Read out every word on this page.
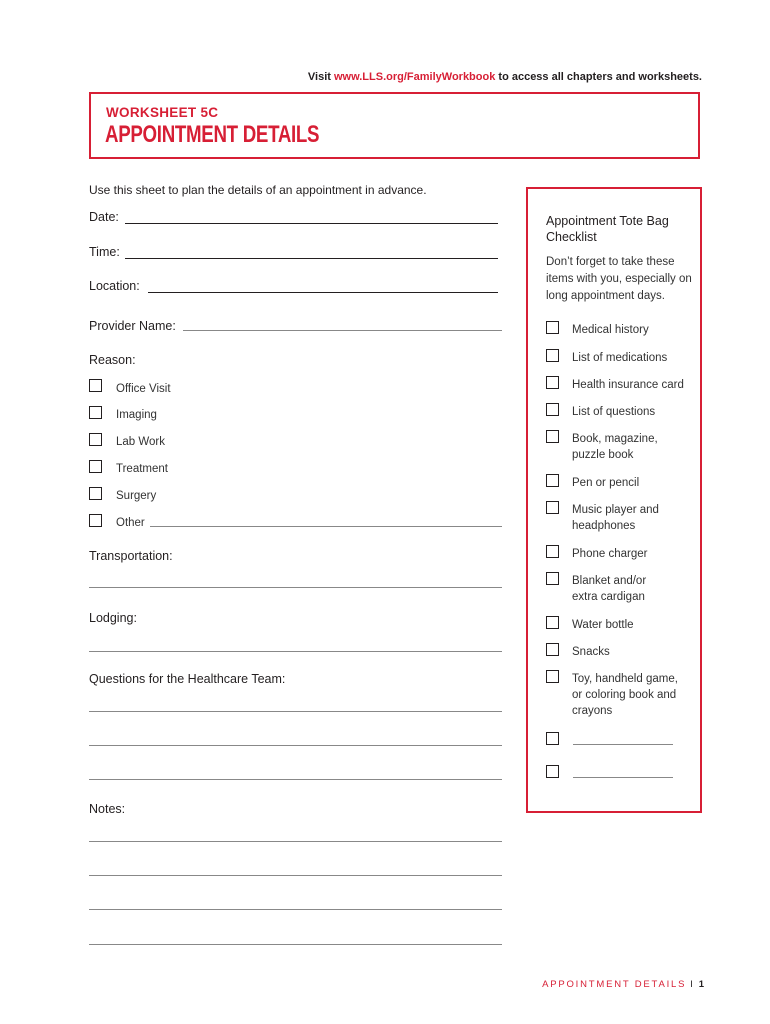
Visit www.LLS.org/FamilyWorkbook to access all chapters and worksheets.
WORKSHEET 5C
APPOINTMENT DETAILS
Use this sheet to plan the details of an appointment in advance.
Date:
Time:
Location:
Provider Name:
Reason:
Office Visit
Imaging
Lab Work
Treatment
Surgery
Other
Transportation:
Lodging:
Questions for the Healthcare Team:
Notes:
Appointment Tote Bag Checklist
Don’t forget to take these items with you, especially on long appointment days.
Medical history
List of medications
Health insurance card
List of questions
Book, magazine, puzzle book
Pen or pencil
Music player and headphones
Phone charger
Blanket and/or extra cardigan
Water bottle
Snacks
Toy, handheld game, or coloring book and crayons
APPOINTMENT DETAILS I 1
